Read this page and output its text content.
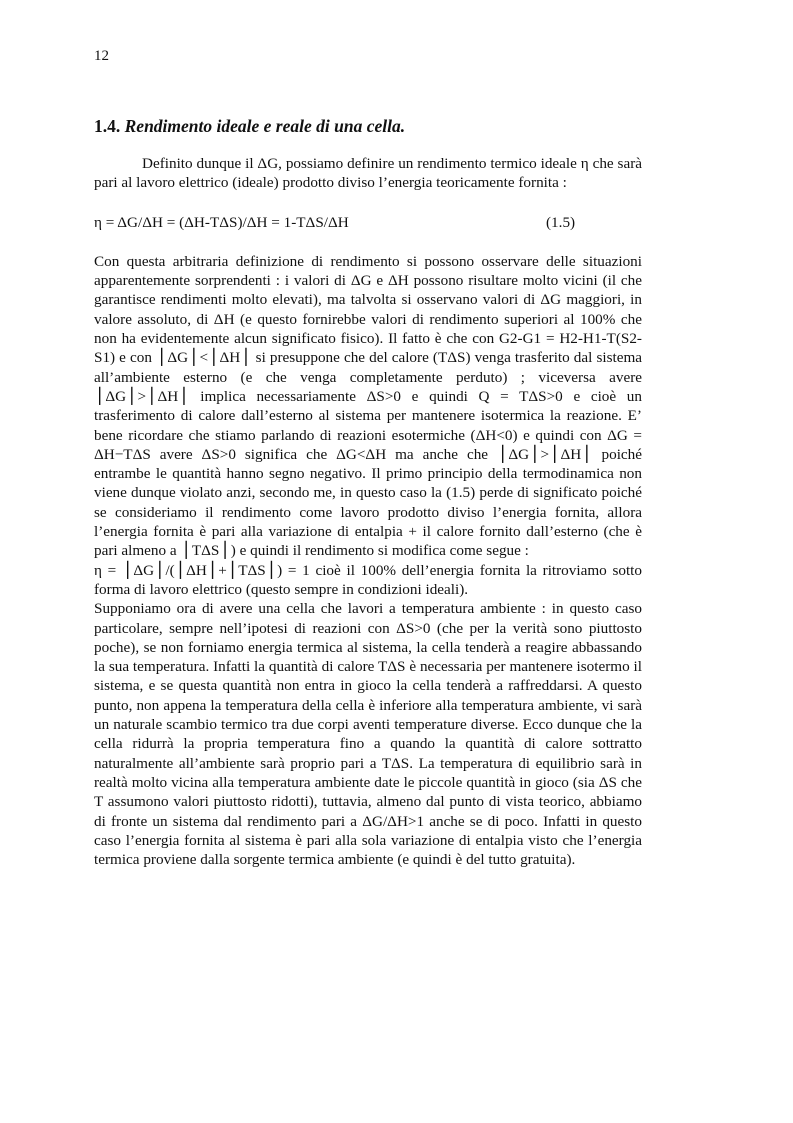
12
1.4. Rendimento ideale e reale di una cella.

Definito dunque il ΔG, possiamo definire un rendimento termico ideale η che sarà pari al lavoro elettrico (ideale) prodotto diviso l’energia teoricamente fornita :

η = ΔG/ΔH = (ΔH-TΔS)/ΔH = 1-TΔS/ΔH	(1.5)

Con questa arbitraria definizione di rendimento si possono osservare delle situazioni apparentemente sorprendenti : i valori di ΔG e ΔH possono risultare molto vicini (il che garantisce rendimenti molto elevati), ma talvolta si osservano valori di ΔG maggiori, in valore assoluto, di ΔH (e questo fornirebbe valori di rendimento superiori al 100% che non ha evidentemente alcun significato fisico). Il fatto è che con G2-G1 = H2-H1-T(S2-S1) e con ⎪ΔG⎪<⎪ΔH⎪ si presuppone che del calore (TΔS) venga trasferito dal sistema all’ambiente esterno (e che venga completamente perduto) ; viceversa avere ⎪ΔG⎪>⎪ΔH⎪ implica necessariamente ΔS>0 e quindi Q = TΔS>0 e cioè un trasferimento di calore dall’esterno al sistema per mantenere isotermica la reazione. E’ bene ricordare che stiamo parlando di reazioni esotermiche (ΔH<0) e quindi con ΔG = ΔH−TΔS avere ΔS>0 significa che ΔG<ΔH ma anche che ⎪ΔG⎪>⎪ΔH⎪ poiché entrambe le quantità hanno segno negativo. Il primo principio della termodinamica non viene dunque violato anzi, secondo me, in questo caso la (1.5) perde di significato poiché se consideriamo il rendimento come lavoro prodotto diviso l’energia fornita, allora l’energia fornita è pari alla variazione di entalpia + il calore fornito dall’esterno (che è pari almeno a ⎪TΔS⎪) e quindi il rendimento si modifica come segue :

η = ⎪ΔG⎪/(⎪ΔH⎪+⎪TΔS⎪) = 1 cioè il 100% dell’energia fornita la ritroviamo sotto forma di lavoro elettrico (questo sempre in condizioni ideali).

Supponiamo ora di avere una cella che lavori a temperatura ambiente : in questo caso particolare, sempre nell’ipotesi di reazioni con ΔS>0 (che per la verità sono piuttosto poche), se non forniamo energia termica al sistema, la cella tenderà a reagire abbassando la sua temperatura. Infatti la quantità di calore TΔS è necessaria per mantenere isotermo il sistema, e se questa quantità non entra in gioco la cella tenderà a raffreddarsi. A questo punto, non appena la temperatura della cella è inferiore alla temperatura ambiente, vi sarà un naturale scambio termico tra due corpi aventi temperature diverse. Ecco dunque che la cella ridurrà la propria temperatura fino a quando la quantità di calore sottratto naturalmente all’ambiente sarà proprio pari a TΔS. La temperatura di equilibrio sarà in realtà molto vicina alla temperatura ambiente date le piccole quantità in gioco (sia ΔS che T assumono valori piuttosto ridotti), tuttavia, almeno dal punto di vista teorico, abbiamo di fronte un sistema dal rendimento pari a ΔG/ΔH>1 anche se di poco. Infatti in questo caso l’energia fornita al sistema è pari alla sola variazione di entalpia visto che l’energia termica proviene dalla sorgente termica ambiente (e quindi è del tutto gratuita).
